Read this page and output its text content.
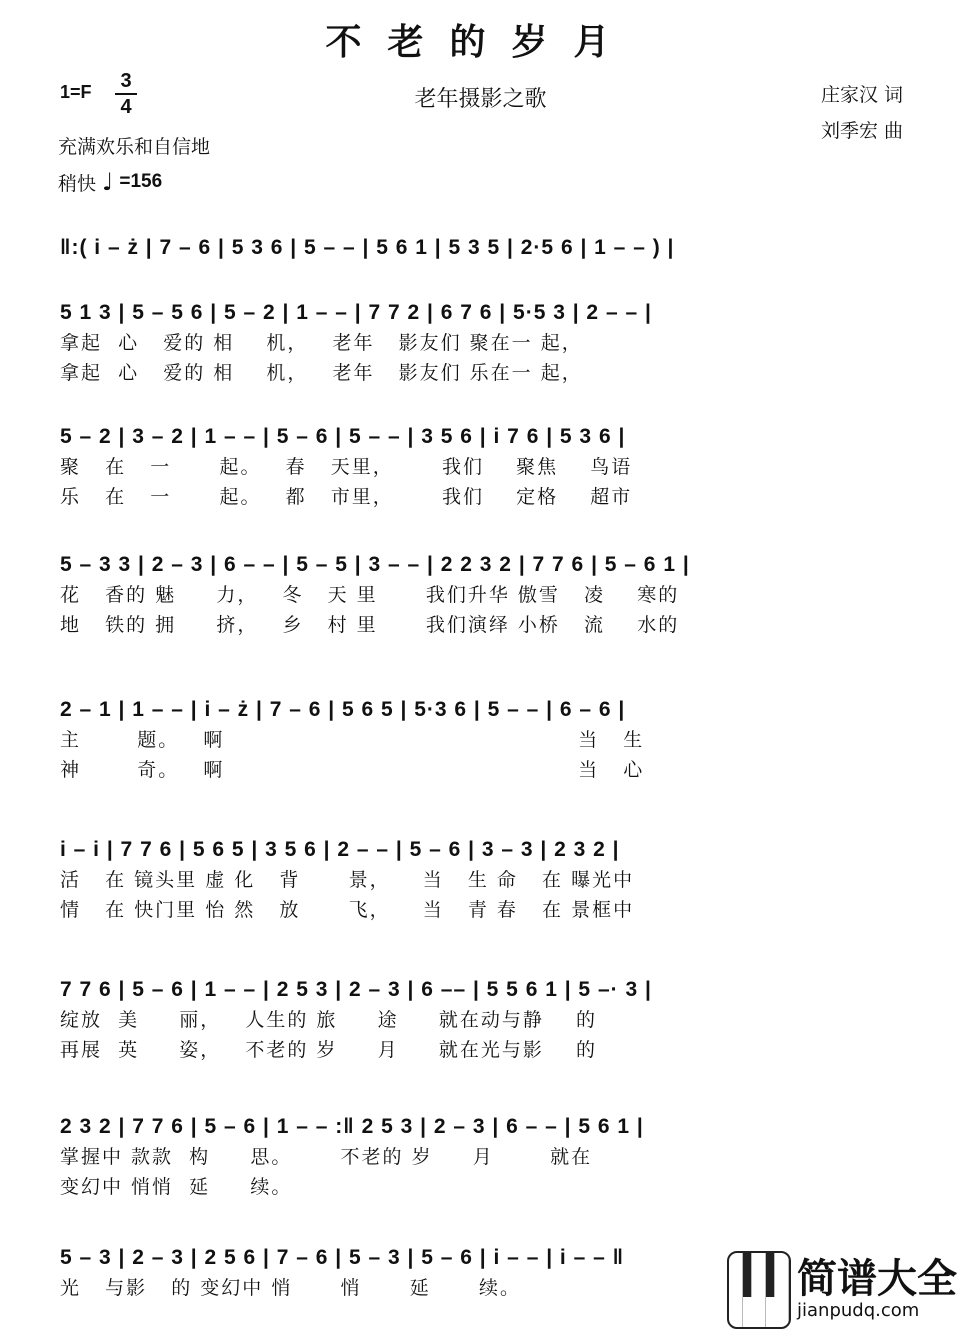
不老的岁月
1=F 3
4	老年摄影之歌	庄家汉 词
刘季宏 曲
充满欢乐和自信地
稍快 ♩ =156
‖:( i – ż | 7 – 6 | 5 3 6 | 5 – – | 5 6 1 | 5 3 5 | 2·5 6 | 1 – – ) |
5 1 3 | 5 – 5 6 | 5 – 2 | 1 – – | 7 7 2 | 6 7 6 | 5·5 3 | 2 – – |
拿起  心   爱的 相    机，   老年   影友们 聚在一 起，
拿起  心   爱的 相    机，   老年   影友们 乐在一 起，
5 – 2 | 3 – 2 | 1 – – | 5 – 6 | 5 – – | 3 5 6 | i 7 6 | 5 3 6 |
聚   在   一      起。   春   天里，      我们    聚焦    鸟语
乐   在   一      起。   都   市里，      我们    定格    超市
5 – 3 3 | 2 – 3 | 6 – – | 5 – 5 | 3 – – | 2 2 3 2 | 7 7 6 | 5 – 6 1 |
花   香的 魅     力，   冬   天 里      我们升华 傲雪   凌    寒的
地   铁的 拥     挤，   乡   村 里      我们演绎 小桥   流    水的
2 – 1 | 1 – – | i – ż | 7 – 6 | 5 6 5 | 5·3 6 | 5 – – | 6 – 6 |
主       题。   啊                                            当   生
神       奇。   啊                                            当   心
i – i | 7 7 6 | 5 6 5 | 3 5 6 | 2 – – | 5 – 6 | 3 – 3 | 2 3 2 |
活   在 镜头里 虚 化   背      景，    当   生 命   在 曝光中
情   在 快门里 怡 然   放      飞，    当   青 春   在 景框中
7 7 6 | 5 – 6 | 1 – – | 2 5 3 | 2 – 3 | 6 –– | 5 5 6 1 | 5 –· 3 |
绽放  美     丽，   人生的 旅     途     就在动与静    的
再展  英     姿，   不老的 岁     月     就在光与影    的
2 3 2 | 7 7 6 | 5 – 6 | 1 – – :‖ 2 5 3 | 2 – 3 | 6 – – | 5 6 1 |
掌握中 款款  构     思。      不老的 岁     月       就在
变幻中 悄悄  延     续。
5 – 3 | 2 – 3 | 2 5 6 | 7 – 6 | 5 – 3 | 5 – 6 | i – – | i – – ‖
光   与影   的 变幻中 悄      悄      延      续。	简谱大全
jianpudq.com
